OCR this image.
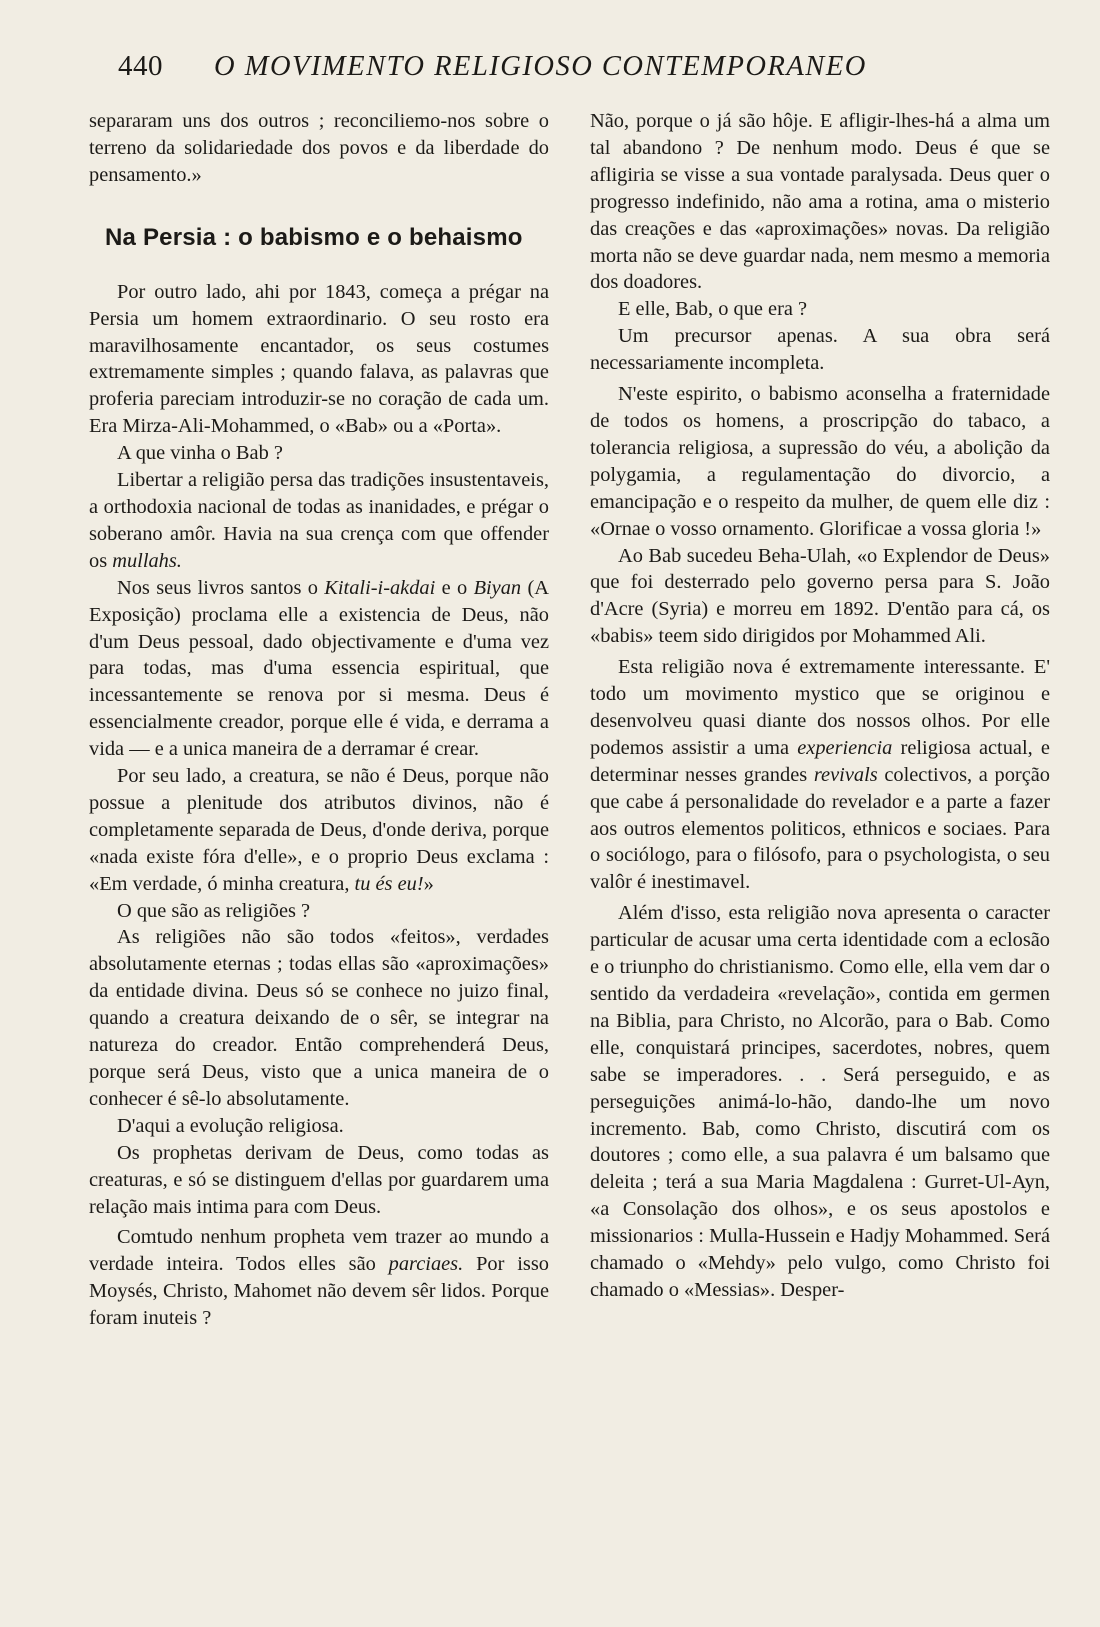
440	O MOVIMENTO RELIGIOSO CONTEMPORANEO

separaram uns dos outros ; reconciliemo-nos sobre o terreno da solidariedade dos povos e da liberdade do pensamento.»

Na Persia : o babismo e o behaismo

Por outro lado, ahi por 1843, começa a prégar na Persia um homem extraordinario. O seu rosto era maravilhosamente encantador, os seus costumes extremamente simples ; quando falava, as palavras que proferia pareciam introduzir-se no coração de cada um. Era Mirza-Ali-Mohammed, o «Bab» ou a «Porta».

A que vinha o Bab ?

Libertar a religião persa das tradições insustentaveis, a orthodoxia nacional de todas as inanidades, e prégar o soberano amôr. Havia na sua crença com que offender os mullahs.

Nos seus livros santos o Kitali-i-akdai e o Biyan (A Exposição) proclama elle a existencia de Deus, não d'um Deus pessoal, dado objectivamente e d'uma vez para todas, mas d'uma essencia espiritual, que incessantemente se renova por si mesma. Deus é essencialmente creador, porque elle é vida, e derrama a vida — e a unica maneira de a derramar é crear.

Por seu lado, a creatura, se não é Deus, porque não possue a plenitude dos atributos divinos, não é completamente separada de Deus, d'onde deriva, porque «nada existe fóra d'elle», e o proprio Deus exclama : «Em verdade, ó minha creatura, tu és eu!»

O que são as religiões ?

As religiões não são todos «feitos», verdades absolutamente eternas ; todas ellas são «aproximações» da entidade divina. Deus só se conhece no juizo final, quando a creatura deixando de o sêr, se integrar na natureza do creador. Então comprehenderá Deus, porque será Deus, visto que a unica maneira de o conhecer é sê-lo absolutamente.

D'aqui a evolução religiosa.

Os prophetas derivam de Deus, como todas as creaturas, e só se distinguem d'ellas por guardarem uma relação mais intima para com Deus.

Comtudo nenhum propheta vem trazer ao mundo a verdade inteira. Todos elles são parciaes. Por isso Moysés, Christo, Mahomet não devem sêr lidos. Porque foram inuteis ?

Não, porque o já são hôje. E afligir-lhes-há a alma um tal abandono ? De nenhum modo. Deus é que se afligiria se visse a sua vontade paralysada. Deus quer o progresso indefinido, não ama a rotina, ama o misterio das creações e das «aproximações» novas. Da religião morta não se deve guardar nada, nem mesmo a memoria dos doadores.

E elle, Bab, o que era ?

Um precursor apenas. A sua obra será necessariamente incompleta.

N'este espirito, o babismo aconselha a fraternidade de todos os homens, a proscripção do tabaco, a tolerancia religiosa, a supressão do véu, a abolição da polygamia, a regulamentação do divorcio, a emancipação e o respeito da mulher, de quem elle diz : «Ornae o vosso ornamento. Glorificae a vossa gloria !»

Ao Bab sucedeu Beha-Ulah, «o Explendor de Deus» que foi desterrado pelo governo persa para S. João d'Acre (Syria) e morreu em 1892. D'então para cá, os «babis» teem sido dirigidos por Mohammed Ali.

Esta religião nova é extremamente interessante. E' todo um movimento mystico que se originou e desenvolveu quasi diante dos nossos olhos. Por elle podemos assistir a uma experiencia religiosa actual, e determinar nesses grandes revivals colectivos, a porção que cabe á personalidade do revelador e a parte a fazer aos outros elementos politicos, ethnicos e sociaes. Para o sociólogo, para o filósofo, para o psychologista, o seu valôr é inestimavel.

Além d'isso, esta religião nova apresenta o caracter particular de acusar uma certa identidade com a eclosão e o triunpho do christianismo. Como elle, ella vem dar o sentido da verdadeira «revelação», contida em germen na Biblia, para Christo, no Alcorão, para o Bab. Como elle, conquistará principes, sacerdotes, nobres, quem sabe se imperadores. . . Será perseguido, e as perseguições animá-lo-hão, dando-lhe um novo incremento. Bab, como Christo, discutirá com os doutores ; como elle, a sua palavra é um balsamo que deleita ; terá a sua Maria Magdalena : Gurret-Ul-Ayn, «a Consolação dos olhos», e os seus apostolos e missionarios : Mulla-Hussein e Hadjy Mohammed. Será chamado o «Mehdy» pelo vulgo, como Christo foi chamado o «Messias». Desper-
